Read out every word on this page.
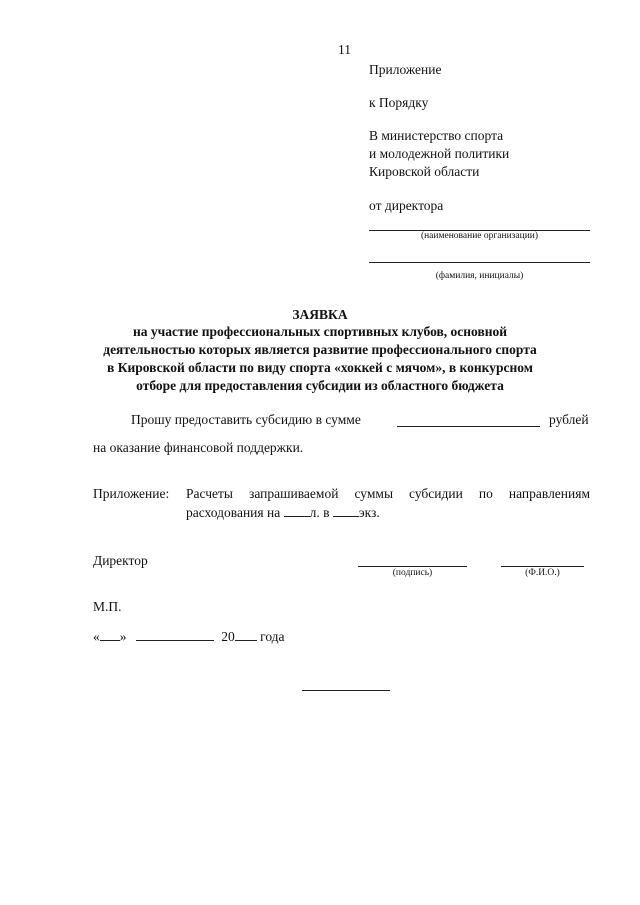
11
Приложение
к Порядку
В министерство спорта
и молодежной политики
Кировской области
от директора
(наименование организации)
(фамилия, инициалы)
ЗАЯВКА
на участие профессиональных спортивных клубов, основной
деятельностью которых является развитие профессионального спорта
в Кировской области по виду спорта «хоккей с мячом», в конкурсном
отборе для предоставления субсидии из областного бюджета
Прошу предоставить субсидию в сумме	рублей
на оказание финансовой поддержки.
Приложение: Расчеты запрашиваемой суммы субсидии по направлениям
расходования на л. в экз.
Директор
(подпись)	(Ф.И.О.)
М.П.
« »	20 года
